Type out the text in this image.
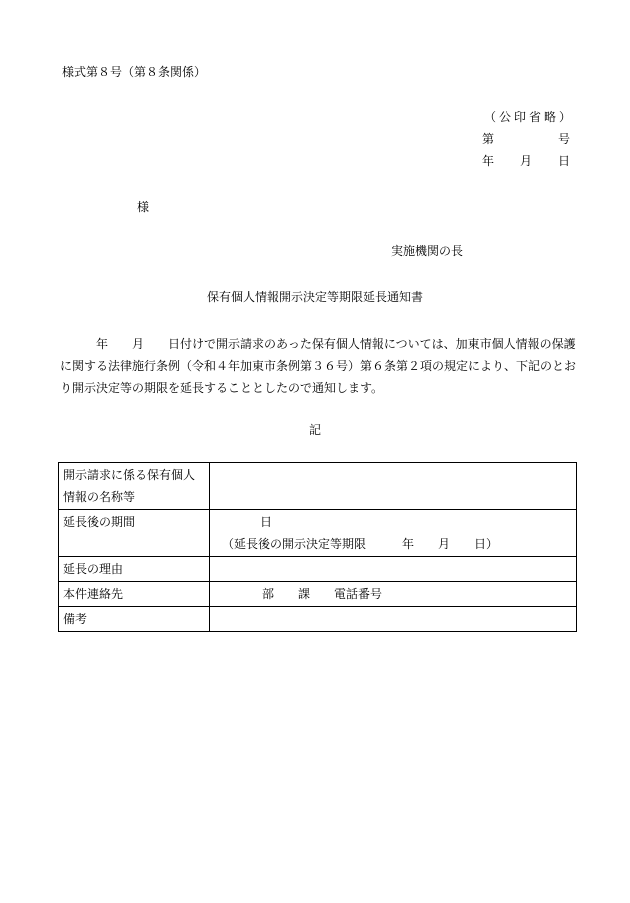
様式第８号（第８条関係）
（公印省略）
第	号
年 月 日
様
実施機関の長
保有個人情報開示決定等期限延長通知書
　　　年　　月　　日付けで開示請求のあった保有個人情報については、加東市個人情報の保護に関する法律施行条例（令和４年加東市条例第３６号）第６条第２項の規定により、下記のとおり開示決定等の期限を延長することとしたので通知します。
記
開示請求に係る保有個人情報の名称等	
延長後の期間	日
（延長後の開示決定等期限 年 月 日）

延長の理由	
本件連絡先	部 課 電話番号
備考	
